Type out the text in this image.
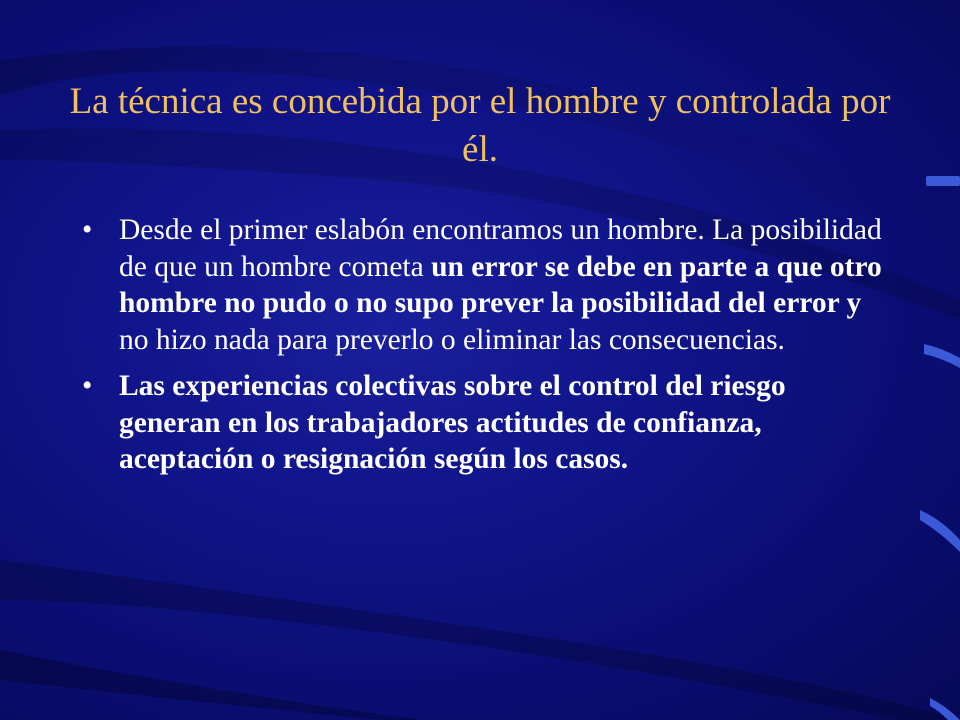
La técnica es concebida por el hombre y controlada por él.
• Desde el primer eslabón encontramos un hombre. La posibilidad de que un hombre cometa un error se debe en parte a que otro hombre no pudo o no supo prever la posibilidad del error y no hizo nada para preverlo o eliminar las consecuencias.
• Las experiencias colectivas sobre el control del riesgo generan en los trabajadores actitudes de confianza, aceptación o resignación según los casos.
